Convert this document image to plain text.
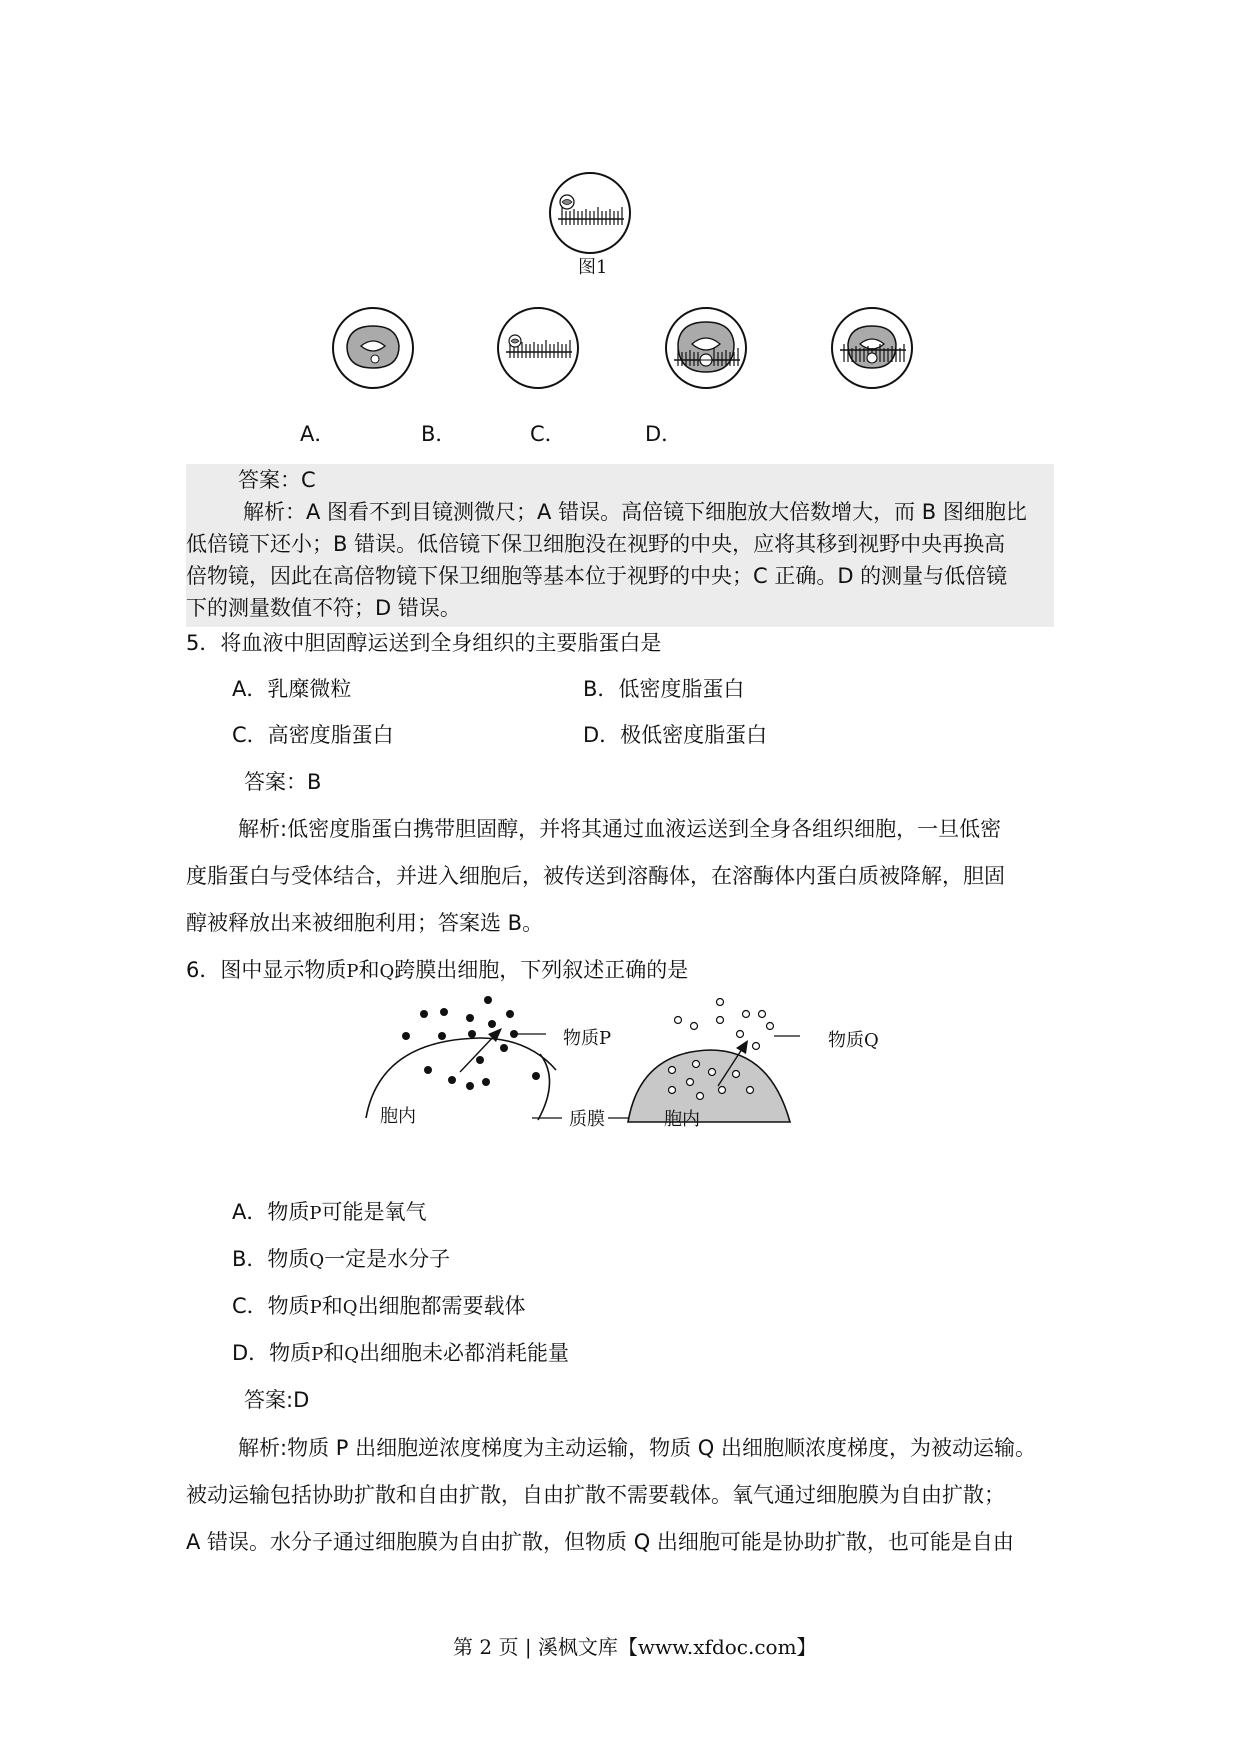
图1
A．	B．	C．	D．
答案：C
解析：A 图看不到目镜测微尺；A 错误。高倍镜下细胞放大倍数增大，而 B 图细胞比
低倍镜下还小；B 错误。低倍镜下保卫细胞没在视野的中央，应将其移到视野中央再换高
倍物镜，因此在高倍物镜下保卫细胞等基本位于视野的中央；C 正确。D 的测量与低倍镜
下的测量数值不符；D 错误。
5．将血液中胆固醇运送到全身组织的主要脂蛋白是
A．乳糜微粒	B．低密度脂蛋白
C．高密度脂蛋白	D．极低密度脂蛋白
答案：B
解析:低密度脂蛋白携带胆固醇，并将其通过血液运送到全身各组织细胞，一旦低密
度脂蛋白与受体结合，并进入细胞后，被传送到溶酶体，在溶酶体内蛋白质被降解，胆固
醇被释放出来被细胞利用；答案选 B。
6．图中显示物质P和Q跨膜出细胞，下列叙述正确的是
物质P	物质Q
质膜
胞内	胞内
A．物质P可能是氧气
B．物质Q一定是水分子
C．物质P和Q出细胞都需要载体
D．物质P和Q出细胞未必都消耗能量
答案:D
解析:物质 P 出细胞逆浓度梯度为主动运输，物质 Q 出细胞顺浓度梯度，为被动运输。
被动运输包括协助扩散和自由扩散，自由扩散不需要载体。氧气通过细胞膜为自由扩散；
A 错误。水分子通过细胞膜为自由扩散，但物质 Q 出细胞可能是协助扩散，也可能是自由
第 2 页 | 溪枫文库【www.xfdoc.com】
